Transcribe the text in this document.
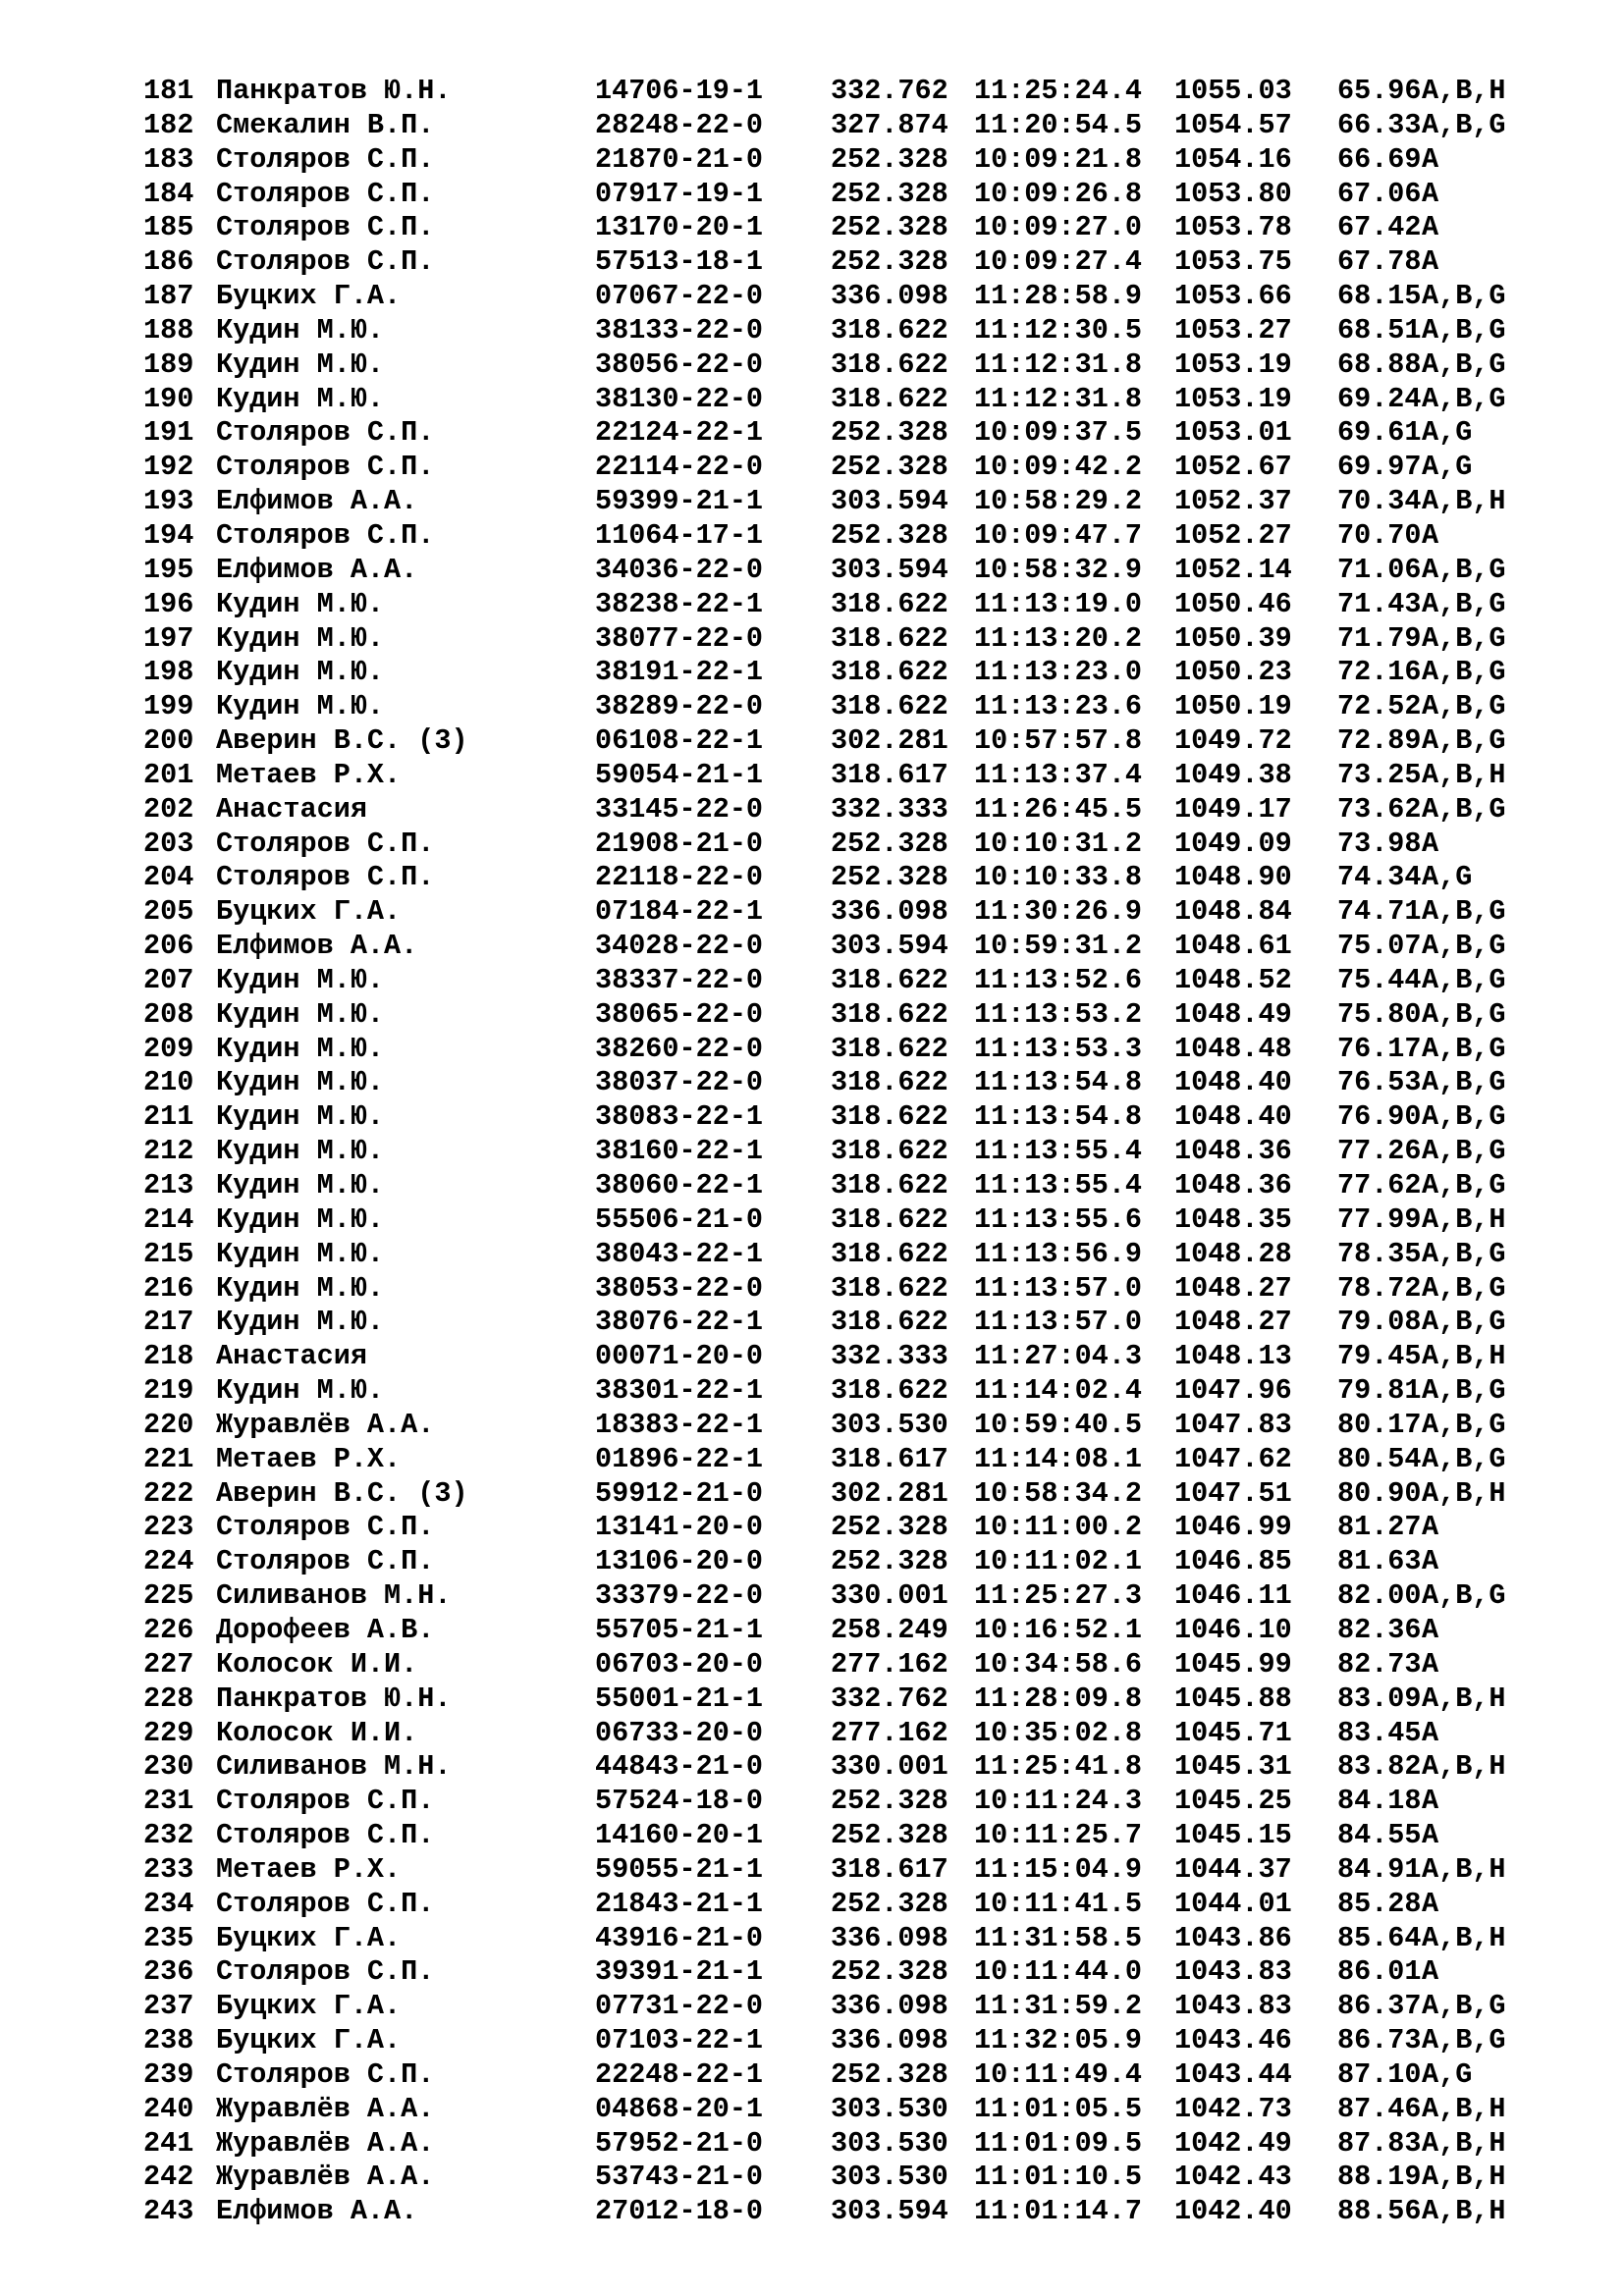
181 Панкратов Ю.Н.	14706-19-1 332.762 11:25:24.4 1055.03 65.96 A,B,H
182 Смекалин В.П.	28248-22-0 327.874 11:20:54.5 1054.57 66.33 A,B,G
183 Столяров С.П.	21870-21-0 252.328 10:09:21.8 1054.16 66.69 A
184 Столяров С.П.	07917-19-1 252.328 10:09:26.8 1053.80 67.06 A
185 Столяров С.П.	13170-20-1 252.328 10:09:27.0 1053.78 67.42 A
186 Столяров С.П.	57513-18-1 252.328 10:09:27.4 1053.75 67.78 A
187 Буцких Г.А.	07067-22-0 336.098 11:28:58.9 1053.66 68.15 A,B,G
188 Кудин М.Ю.	38133-22-0 318.622 11:12:30.5 1053.27 68.51 A,B,G
189 Кудин М.Ю.	38056-22-0 318.622 11:12:31.8 1053.19 68.88 A,B,G
190 Кудин М.Ю.	38130-22-0 318.622 11:12:31.8 1053.19 69.24 A,B,G
191 Столяров С.П.	22124-22-1 252.328 10:09:37.5 1053.01 69.61 A,G
192 Столяров С.П.	22114-22-0 252.328 10:09:42.2 1052.67 69.97 A,G
193 Елфимов А.А.	59399-21-1 303.594 10:58:29.2 1052.37 70.34 A,B,H
194 Столяров С.П.	11064-17-1 252.328 10:09:47.7 1052.27 70.70 A
195 Елфимов А.А.	34036-22-0 303.594 10:58:32.9 1052.14 71.06 A,B,G
196 Кудин М.Ю.	38238-22-1 318.622 11:13:19.0 1050.46 71.43 A,B,G
197 Кудин М.Ю.	38077-22-0 318.622 11:13:20.2 1050.39 71.79 A,B,G
198 Кудин М.Ю.	38191-22-1 318.622 11:13:23.0 1050.23 72.16 A,B,G
199 Кудин М.Ю.	38289-22-0 318.622 11:13:23.6 1050.19 72.52 A,B,G
200 Аверин В.С. (3)	06108-22-1 302.281 10:57:57.8 1049.72 72.89 A,B,G
201 Метаев Р.Х.	59054-21-1 318.617 11:13:37.4 1049.38 73.25 A,B,H
202 Анастасия	33145-22-0 332.333 11:26:45.5 1049.17 73.62 A,B,G
203 Столяров С.П.	21908-21-0 252.328 10:10:31.2 1049.09 73.98 A
204 Столяров С.П.	22118-22-0 252.328 10:10:33.8 1048.90 74.34 A,G
205 Буцких Г.А.	07184-22-1 336.098 11:30:26.9 1048.84 74.71 A,B,G
206 Елфимов А.А.	34028-22-0 303.594 10:59:31.2 1048.61 75.07 A,B,G
207 Кудин М.Ю.	38337-22-0 318.622 11:13:52.6 1048.52 75.44 A,B,G
208 Кудин М.Ю.	38065-22-0 318.622 11:13:53.2 1048.49 75.80 A,B,G
209 Кудин М.Ю.	38260-22-0 318.622 11:13:53.3 1048.48 76.17 A,B,G
210 Кудин М.Ю.	38037-22-0 318.622 11:13:54.8 1048.40 76.53 A,B,G
211 Кудин М.Ю.	38083-22-1 318.622 11:13:54.8 1048.40 76.90 A,B,G
212 Кудин М.Ю.	38160-22-1 318.622 11:13:55.4 1048.36 77.26 A,B,G
213 Кудин М.Ю.	38060-22-1 318.622 11:13:55.4 1048.36 77.62 A,B,G
214 Кудин М.Ю.	55506-21-0 318.622 11:13:55.6 1048.35 77.99 A,B,H
215 Кудин М.Ю.	38043-22-1 318.622 11:13:56.9 1048.28 78.35 A,B,G
216 Кудин М.Ю.	38053-22-0 318.622 11:13:57.0 1048.27 78.72 A,B,G
217 Кудин М.Ю.	38076-22-1 318.622 11:13:57.0 1048.27 79.08 A,B,G
218 Анастасия	00071-20-0 332.333 11:27:04.3 1048.13 79.45 A,B,H
219 Кудин М.Ю.	38301-22-1 318.622 11:14:02.4 1047.96 79.81 A,B,G
220 Журавлёв А.А.	18383-22-1 303.530 10:59:40.5 1047.83 80.17 A,B,G
221 Метаев Р.Х.	01896-22-1 318.617 11:14:08.1 1047.62 80.54 A,B,G
222 Аверин В.С. (3)	59912-21-0 302.281 10:58:34.2 1047.51 80.90 A,B,H
223 Столяров С.П.	13141-20-0 252.328 10:11:00.2 1046.99 81.27 A
224 Столяров С.П.	13106-20-0 252.328 10:11:02.1 1046.85 81.63 A
225 Силиванов М.Н.	33379-22-0 330.001 11:25:27.3 1046.11 82.00 A,B,G
226 Дорофеев А.В.	55705-21-1 258.249 10:16:52.1 1046.10 82.36 A
227 Колосок И.И.	06703-20-0 277.162 10:34:58.6 1045.99 82.73 A
228 Панкратов Ю.Н.	55001-21-1 332.762 11:28:09.8 1045.88 83.09 A,B,H
229 Колосок И.И.	06733-20-0 277.162 10:35:02.8 1045.71 83.45 A
230 Силиванов М.Н.	44843-21-0 330.001 11:25:41.8 1045.31 83.82 A,B,H
231 Столяров С.П.	57524-18-0 252.328 10:11:24.3 1045.25 84.18 A
232 Столяров С.П.	14160-20-1 252.328 10:11:25.7 1045.15 84.55 A
233 Метаев Р.Х.	59055-21-1 318.617 11:15:04.9 1044.37 84.91 A,B,H
234 Столяров С.П.	21843-21-1 252.328 10:11:41.5 1044.01 85.28 A
235 Буцких Г.А.	43916-21-0 336.098 11:31:58.5 1043.86 85.64 A,B,H
236 Столяров С.П.	39391-21-1 252.328 10:11:44.0 1043.83 86.01 A
237 Буцких Г.А.	07731-22-0 336.098 11:31:59.2 1043.83 86.37 A,B,G
238 Буцких Г.А.	07103-22-1 336.098 11:32:05.9 1043.46 86.73 A,B,G
239 Столяров С.П.	22248-22-1 252.328 10:11:49.4 1043.44 87.10 A,G
240 Журавлёв А.А.	04868-20-1 303.530 11:01:05.5 1042.73 87.46 A,B,H
241 Журавлёв А.А.	57952-21-0 303.530 11:01:09.5 1042.49 87.83 A,B,H
242 Журавлёв А.А.	53743-21-0 303.530 11:01:10.5 1042.43 88.19 A,B,H
243 Елфимов А.А.	27012-18-0 303.594 11:01:14.7 1042.40 88.56 A,B,H
